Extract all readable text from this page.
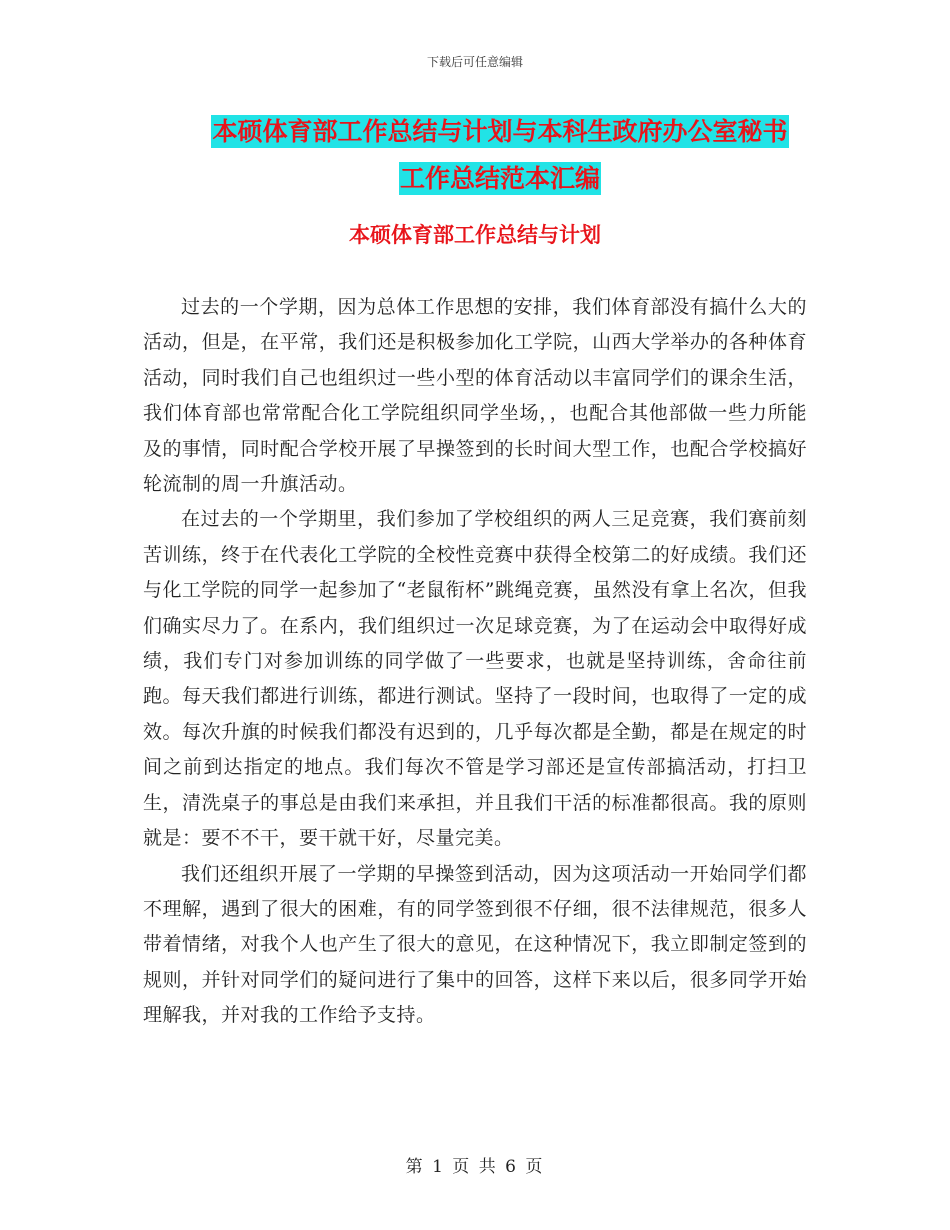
下载后可任意编辑
本硕体育部工作总结与计划与本科生政府办公室秘书
工作总结范本汇编
本硕体育部工作总结与计划

过去的一个学期，因为总体工作思想的安排，我们体育部没有搞什么大的活动，但是，在平常，我们还是积极参加化工学院，山西大学举办的各种体育活动，同时我们自己也组织过一些小型的体育活动以丰富同学们的课余生活，我们体育部也常常配合化工学院组织同学坐场，，也配合其他部做一些力所能及的事情，同时配合学校开展了早操签到的长时间大型工作，也配合学校搞好轮流制的周一升旗活动。

在过去的一个学期里，我们参加了学校组织的两人三足竞赛，我们赛前刻苦训练，终于在代表化工学院的全校性竞赛中获得全校第二的好成绩。我们还与化工学院的同学一起参加了“老鼠衔杯”跳绳竞赛，虽然没有拿上名次，但我们确实尽力了。在系内，我们组织过一次足球竞赛，为了在运动会中取得好成绩，我们专门对参加训练的同学做了一些要求，也就是坚持训练，舍命往前跑。每天我们都进行训练，都进行测试。坚持了一段时间，也取得了一定的成效。每次升旗的时候我们都没有迟到的，几乎每次都是全勤，都是在规定的时间之前到达指定的地点。我们每次不管是学习部还是宣传部搞活动，打扫卫生，清洗桌子的事总是由我们来承担，并且我们干活的标准都很高。我的原则就是：要不不干，要干就干好，尽量完美。

我们还组织开展了一学期的早操签到活动，因为这项活动一开始同学们都不理解，遇到了很大的困难，有的同学签到很不仔细，很不法律规范，很多人带着情绪，对我个人也产生了很大的意见，在这种情况下，我立即制定签到的规则，并针对同学们的疑问进行了集中的回答，这样下来以后，很多同学开始理解我，并对我的工作给予支持。

第 1 页 共 6 页
